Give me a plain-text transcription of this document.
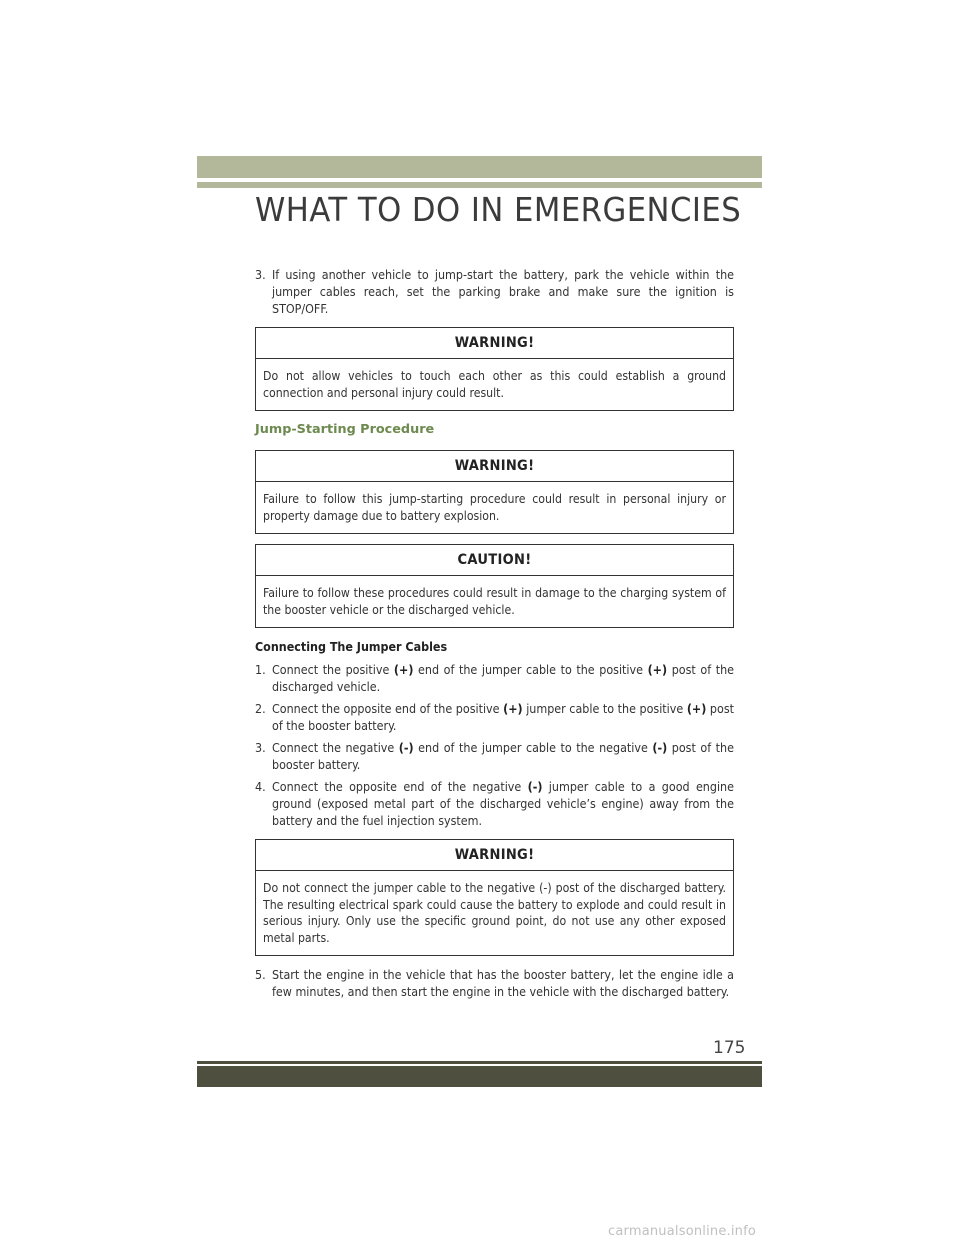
WHAT TO DO IN EMERGENCIES

3. If using another vehicle to jump-start the battery, park the vehicle within the jumper cables reach, set the parking brake and make sure the ignition is STOP/OFF.

WARNING!
Do not allow vehicles to touch each other as this could establish a ground connection and personal injury could result.
Jump-Starting Procedure
WARNING!
Failure to follow this jump-starting procedure could result in personal injury or property damage due to battery explosion.
CAUTION!
Failure to follow these procedures could result in damage to the charging system of the booster vehicle or the discharged vehicle.
Connecting The Jumper Cables

1. Connect the positive (+) end of the jumper cable to the positive (+) post of the discharged vehicle.

2. Connect the opposite end of the positive (+) jumper cable to the positive (+) post of the booster battery.

3. Connect the negative (-) end of the jumper cable to the negative (-) post of the booster battery.

4. Connect the opposite end of the negative (-) jumper cable to a good engine ground (exposed metal part of the discharged vehicle’s engine) away from the battery and the fuel injection system.

WARNING!
Do not connect the jumper cable to the negative (-) post of the discharged battery. The resulting electrical spark could cause the battery to explode and could result in serious injury. Only use the specific ground point, do not use any other exposed metal parts.

5. Start the engine in the vehicle that has the booster battery, let the engine idle a few minutes, and then start the engine in the vehicle with the discharged battery.

175
carmanualsonline.info
